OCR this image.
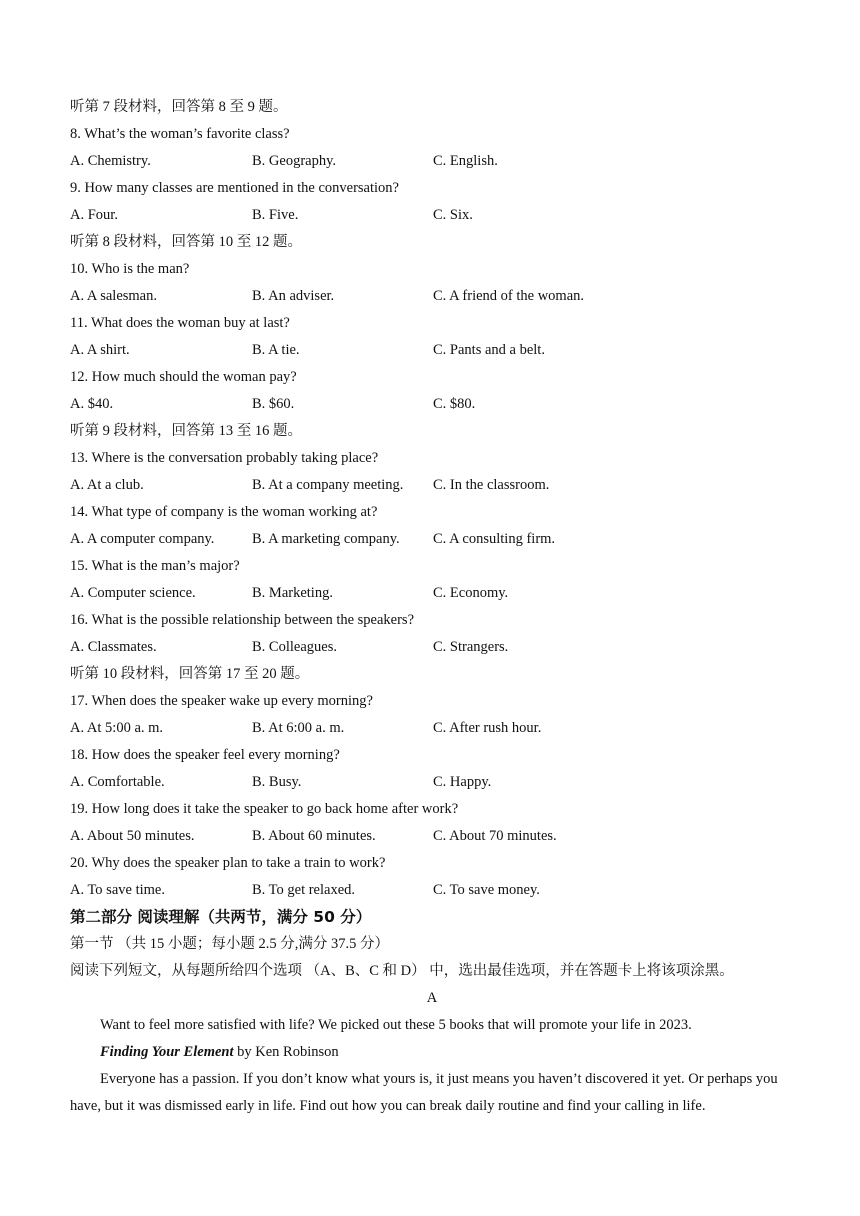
听第 7 段材料，回答第 8 至 9 题。
8. What’s the woman’s favorite class?
A. Chemistry.	B. Geography.	C. English.
9. How many classes are mentioned in the conversation?
A. Four.	B. Five.	C. Six.
听第 8 段材料，回答第 10 至 12 题。
10. Who is the man?
A. A salesman.	B. An adviser.	C. A friend of the woman.
11. What does the woman buy at last?
A. A shirt.	B. A tie.	C. Pants and a belt.
12. How much should the woman pay?
A. $40.	B. $60.	C. $80.
听第 9 段材料，回答第 13 至 16 题。
13. Where is the conversation probably taking place?
A. At a club.	B. At a company meeting. C. In the classroom.
14. What type of company is the woman working at?
A. A computer company.	B. A marketing company. C. A consulting firm.
15. What is the man’s major?
A. Computer science.	B. Marketing.	C. Economy.
16. What is the possible relationship between the speakers?
A. Classmates.	B. Colleagues.	C. Strangers.
听第 10 段材料，回答第 17 至 20 题。
17. When does the speaker wake up every morning?
A. At 5:00 a. m.	B. At 6:00 a. m.	C. After rush hour.
18. How does the speaker feel every morning?
A. Comfortable.	B. Busy.	C. Happy.
19. How long does it take the speaker to go back home after work?
A. About 50 minutes.	B. About 60 minutes.	C. About 70 minutes.
20. Why does the speaker plan to take a train to work?
A. To save time.	B. To get relaxed.	C. To save money.
第二部分 阅读理解（共两节，满分 50 分）
第一节 （共 15 小题；每小题 2.5 分,满分 37.5 分）
阅读下列短文，从每题所给四个选项 （A、B、C 和 D） 中，选出最佳选项，并在答题卡上将该项涂黑。
A
Want to feel more satisfied with life? We picked out these 5 books that will promote your life in 2023.
Finding Your Element by Ken Robinson
Everyone has a passion. If you don’t know what yours is, it just means you haven’t discovered it yet. Or perhaps you have, but it was dismissed early in life. Find out how you can break daily routine and find your calling in life.
